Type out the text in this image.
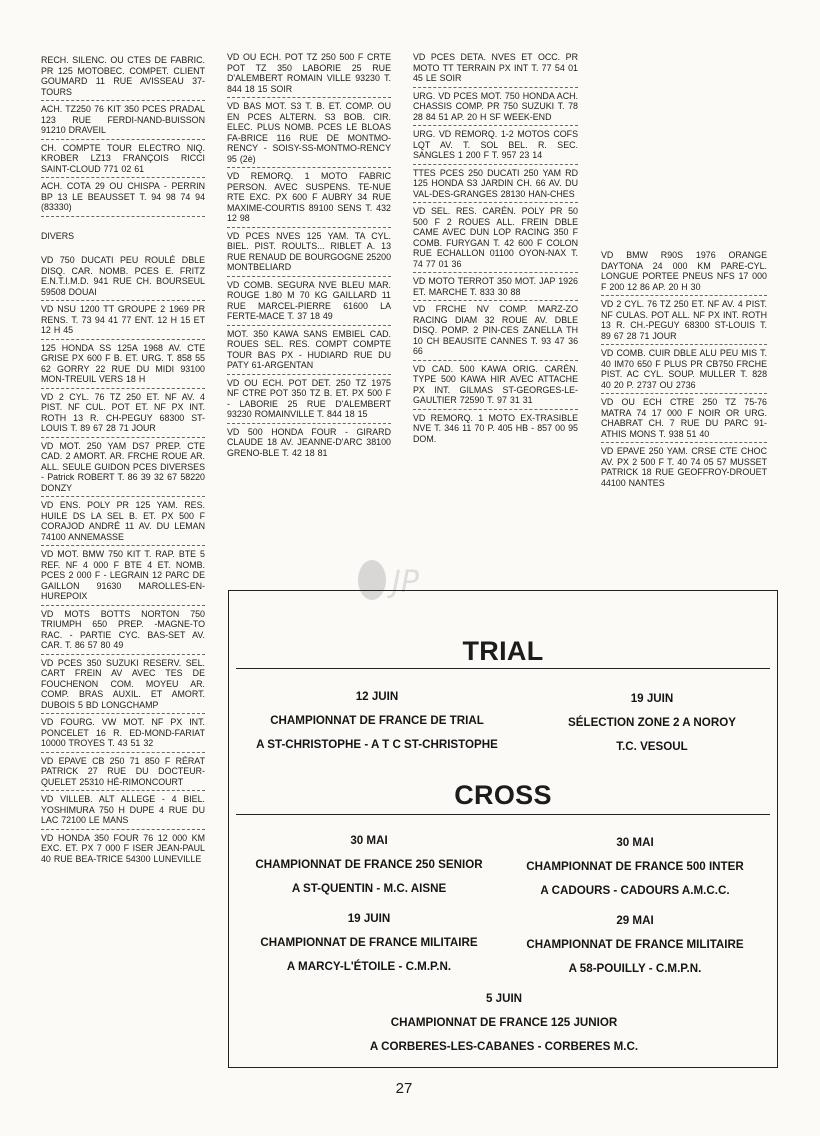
RECH. SILENC. OU CTES DE FABRIC. PR 125 MOTOBEC. COMPET. CLIENT GOUMARD 11 RUE AVISSEAU 37-TOURS
ACH. TZ250 76 KIT 350 PCES PRADAL 123 RUE FERDI-NAND-BUISSON 91210 DRAVEIL
CH. COMPTE TOUR ELECTRO NIQ. KROBER LZ13 FRANÇOIS RICCI SAINT-CLOUD 771 02 61
ACH. COTA 29 OU CHISPA - PERRIN BP 13 LE BEAUSSET T. 94 98 74 94 (83330)
DIVERS
VD 750 DUCATI PEU ROULÉ DBLE DISQ. CAR. NOMB. PCES E. FRITZ E.N.T.I.M.D. 941 RUE CH. BOURSEUL 59508 DOUAI
VD NSU 1200 TT GROUPE 2 1969 PR RENS. T. 73 94 41 77 ENT. 12 H 15 ET 12 H 45
125 HONDA SS 125A 1968 AV. CTE GRISE PX 600 F B. ET. URG. T. 858 55 62 GORRY 22 RUE DU MIDI 93100 MON-TREUIL VERS 18 H
VD 2 CYL. 76 TZ 250 ET. NF AV. 4 PIST. NF CUL. POT ET. NF PX INT. ROTH 13 R. CH-PEGUY 68300 ST-LOUIS T. 89 67 28 71 JOUR
VD MOT. 250 YAM DS7 PREP. CTE CAD. 2 AMORT. AR. FRCHE ROUE AR. ALL. SEULE GUIDON PCES DIVERSES - Patrick ROBERT T. 86 39 32 67 58220 DONZY
VD ENS. POLY PR 125 YAM. RES. HUILE DS LA SEL B. ET. PX 500 F CORAJOD ANDRÉ 11 AV. DU LEMAN 74100 ANNEMASSE
VD MOT. BMW 750 KIT T. RAP. BTE 5 REF. NF 4 000 F BTE 4 ET. NOMB. PCES 2 000 F - LEGRAIN 12 PARC DE GAILLON 91630 MAROLLES-EN-HUREPOIX
VD MOTS BOTTS NORTON 750 TRIUMPH 650 PREP. -MAGNE-TO RAC. - PARTIE CYC. BAS-SET AV. CAR. T. 86 57 80 49
VD PCES 350 SUZUKI RESERV. SEL. CART FREIN AV AVEC TES DE FOUCHENON COM. MOYEU AR. COMP. BRAS AUXIL. ET AMORT. DUBOIS 5 BD LONGCHAMP
VD FOURG. VW MOT. NF PX INT. PONCELET 16 R. ED-MOND-FARIAT 10000 TROYES T. 43 51 32
VD EPAVE CB 250 71 850 F RÉRAT PATRICK 27 RUE DU DOCTEUR-QUELET 25310 HÉ-RIMONCOURT
VD VILLEB. ALT ALLEGE - 4 BIEL. YOSHIMURA 750 H DUPE 4 RUE DU LAC 72100 LE MANS
VD HONDA 350 FOUR 76 12 000 KM EXC. ET. PX 7 000 F ISER JEAN-PAUL 40 RUE BEA-TRICE 54300 LUNEVILLE
VD OU ECH. POT TZ 250 500 F CRTE POT TZ 350 LABORIE 25 RUE D'ALEMBERT ROMAIN VILLE 93230 T. 844 18 15 SOIR
VD BAS MOT. S3 T. B. ET. COMP. OU EN PCES ALTERN. S3 BOB. CIR. ELEC. PLUS NOMB. PCES LE BLOAS FA-BRICE 116 RUE DE MONTMO-RENCY - SOISY-SS-MONTMO-RENCY 95 (2è)
VD REMORQ. 1 MOTO FABRIC PERSON. AVEC SUSPENS. TE-NUE RTE EXC. PX 600 F AUBRY 34 RUE MAXIME-COURTIS 89100 SENS T. 432 12 98
VD PCES NVES 125 YAM. TA CYL. BIEL. PIST. ROULTS... RIBLET A. 13 RUE RENAUD DE BOURGOGNE 25200 MONTBELIARD
VD COMB. SEGURA NVE BLEU MAR. ROUGE 1.80 M 70 KG GAILLARD 11 RUE MARCEL-PIERRE 61600 LA FERTE-MACE T. 37 18 49
MOT. 350 KAWA SANS EMBIEL CAD. ROUES SEL. RES. COMPT COMPTE TOUR BAS PX - HUDIARD RUE DU PATY 61-ARGENTAN
VD OU ECH. POT DET. 250 TZ 1975 NF CTRE POT 350 TZ B. ET. PX 500 F - LABORIE 25 RUE D'ALEMBERT 93230 ROMAINVILLE T. 844 18 15
VD 500 HONDA FOUR - GIRARD CLAUDE 18 AV. JEANNE-D'ARC 38100 GRENO-BLE T. 42 18 81
VD PCES DETA. NVES ET OCC. PR MOTO TT TERRAIN PX INT T. 77 54 01 45 LE SOIR
URG. VD PCES MOT. 750 HONDA ACH. CHASSIS COMP. PR 750 SUZUKI T. 78 28 84 51 AP. 20 H SF WEEK-END
URG. VD REMORQ. 1-2 MOTOS COFS LQT AV. T. SOL BEL. R. SEC. SANGLES 1 200 F T. 957 23 14
TTES PCES 250 DUCATI 250 YAM RD 125 HONDA S3 JARDIN CH. 66 AV. DU VAL-DES-GRANGES 28130 HAN-CHES
VD SEL. RES. CARÉN. POLY PR 50 500 F 2 ROUES ALL. FREIN DBLE CAME AVEC DUN LOP RACING 350 F COMB. FURYGAN T. 42 600 F COLON RUE ECHALLON 01100 OYON-NAX T. 74 77 01 36
VD MOTO TERROT 350 MOT. JAP 1926 ET. MARCHE T. 833 30 88
VD FRCHE NV COMP. MARZ-ZO RACING DIAM 32 ROUE AV. DBLE DISQ. POMP. 2 PIN-CES ZANELLA TH 10 CH BEAUSITE CANNES T. 93 47 36 66
VD CAD. 500 KAWA ORIG. CARÉN. TYPE 500 KAWA HIR AVEC ATTACHE PX INT. GILMAS ST-GEORGES-LE-GAULTIER 72590 T. 97 31 31
VD REMORQ. 1 MOTO EX-TRASIBLE NVE T. 346 11 70 P. 405 HB - 857 00 95 DOM.
VD BMW R90S 1976 ORANGE DAYTONA 24 000 KM PARE-CYL. LONGUE PORTEE PNEUS NFS 17 000 F 200 12 86 AP. 20 H 30
VD 2 CYL. 76 TZ 250 ET. NF AV. 4 PIST. NF CULAS. POT ALL. NF PX INT. ROTH 13 R. CH.-PEGUY 68300 ST-LOUIS T. 89 67 28 71 JOUR
VD COMB. CUIR DBLE ALU PEU MIS T. 40 IM70 650 F PLUS PR CB750 FRCHE PIST. AC CYL. SOUP. MULLER T. 828 40 20 P. 2737 OU 2736
VD OU ECH CTRE 250 TZ 75-76 MATRA 74 17 000 F NOIR OR URG. CHABRAT CH. 7 RUE DU PARC 91-ATHIS MONS T. 938 51 40
VD EPAVE 250 YAM. CRSE CTE CHOC AV. PX 2 500 F T. 40 74 05 57 MUSSET PATRICK 18 RUE GEOFFROY-DROUET 44100 NANTES
JP
TRIAL
12 JUIN
CHAMPIONNAT DE FRANCE DE TRIAL
A ST-CHRISTOPHE - A T C ST-CHRISTOPHE
19 JUIN
SÉLECTION ZONE 2 A NOROY
T.C. VESOUL
CROSS
30 MAI
CHAMPIONNAT DE FRANCE 250 SENIOR
A ST-QUENTIN - M.C. AISNE
30 MAI
CHAMPIONNAT DE FRANCE 500 INTER
A CADOURS - CADOURS A.M.C.C.
19 JUIN
CHAMPIONNAT DE FRANCE MILITAIRE
A MARCY-L'ÉTOILE - C.M.P.N.
29 MAI
CHAMPIONNAT DE FRANCE MILITAIRE
A 58-POUILLY - C.M.P.N.
5 JUIN
CHAMPIONNAT DE FRANCE 125 JUNIOR
A CORBERES-LES-CABANES - CORBERES M.C.
27
